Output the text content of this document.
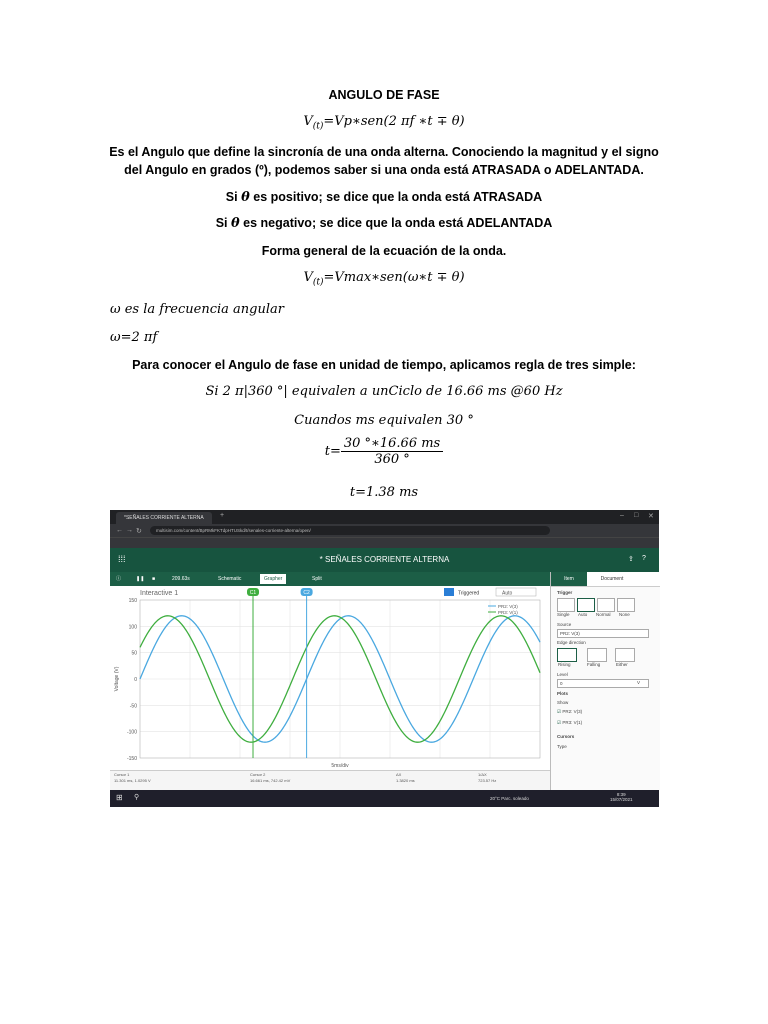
ANGULO DE FASE
$V_{(t)}=Vp∗sen(2$ πf ∗t ∓ θ)
Es el Angulo que define la sincronía de una onda alterna. Conociendo la magnitud y el signo del Angulo en grados (º), podemos saber si una onda está ATRASADA o ADELANTADA.
Si θ es positivo; se dice que la onda está ATRASADA
Si θ es negativo; se dice que la onda está ADELANTADA
Forma general de la ecuación de la onda.
$V_{(t)}=Vmax∗sen(\omega∗t \mp \theta)$
ω es la frecuencia angular
ω=2 πf
Para conocer el Angulo de fase en unidad de tiempo, aplicamos regla de tres simple:
Si 2 π|360 °| equivalen a unCiclo de 16.66 ms @60 Hz
Cuandos ms equivalen 30 °
$t= \frac{30 ^\circ∗16.66 ms}{360 ^\circ}$
t=1.38 ms
*SEÑALES CORRIENTE ALTERNA	+	– □ ✕
← → ↻	multisim.com/content/BpRMkFKTdpHTUSkd/t/senales-corriente-alterna/open/
⁞⁞⁞	* SEÑALES CORRIENTE ALTERNA	⇪ ?
ⓘ	❚❚	■	209.63s	Schematic	Grapher	Split
Interactive 1	Triggered	Auto
150
100
50
0
-50
-100
-150
Voltage (V)
5ms/div
PR2: V(3)
PR3: V(1)
C1	C2
Cursor 1
11.301 ms, 1.0295 V
Cursor 2
16.661 ms, 742.42 mV
ΔX
1.3820 ms
1/ΔX
723.57 Hz
Item	Document
Trigger
Single Auto Normal None
Source
PR2: V(3)
Edge direction
Rising	Falling	Either
Level
0	V
Plots
Show
☑ PR2: V(3)
☑ PR3: V(1)
Cursors
Type
⊞ ⚲	20°C Parc. soleado
8:39
15/07/2021
